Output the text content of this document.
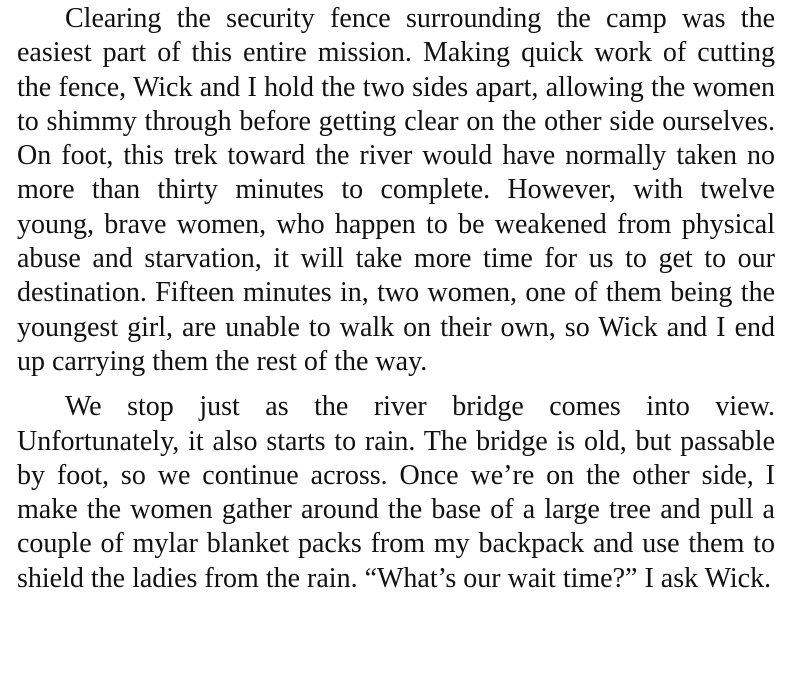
Clearing the security fence surrounding the camp was the easiest part of this entire mission. Making quick work of cutting the fence, Wick and I hold the two sides apart, allowing the women to shimmy through before getting clear on the other side ourselves. On foot, this trek toward the river would have normally taken no more than thirty minutes to complete. However, with twelve young, brave women, who happen to be weakened from physical abuse and starvation, it will take more time for us to get to our destination. Fifteen minutes in, two women, one of them being the youngest girl, are unable to walk on their own, so Wick and I end up carrying them the rest of the way.

We stop just as the river bridge comes into view. Unfortunately, it also starts to rain. The bridge is old, but passable by foot, so we continue across. Once we’re on the other side, I make the women gather around the base of a large tree and pull a couple of mylar blanket packs from my backpack and use them to shield the ladies from the rain. “What’s our wait time?” I ask Wick.
